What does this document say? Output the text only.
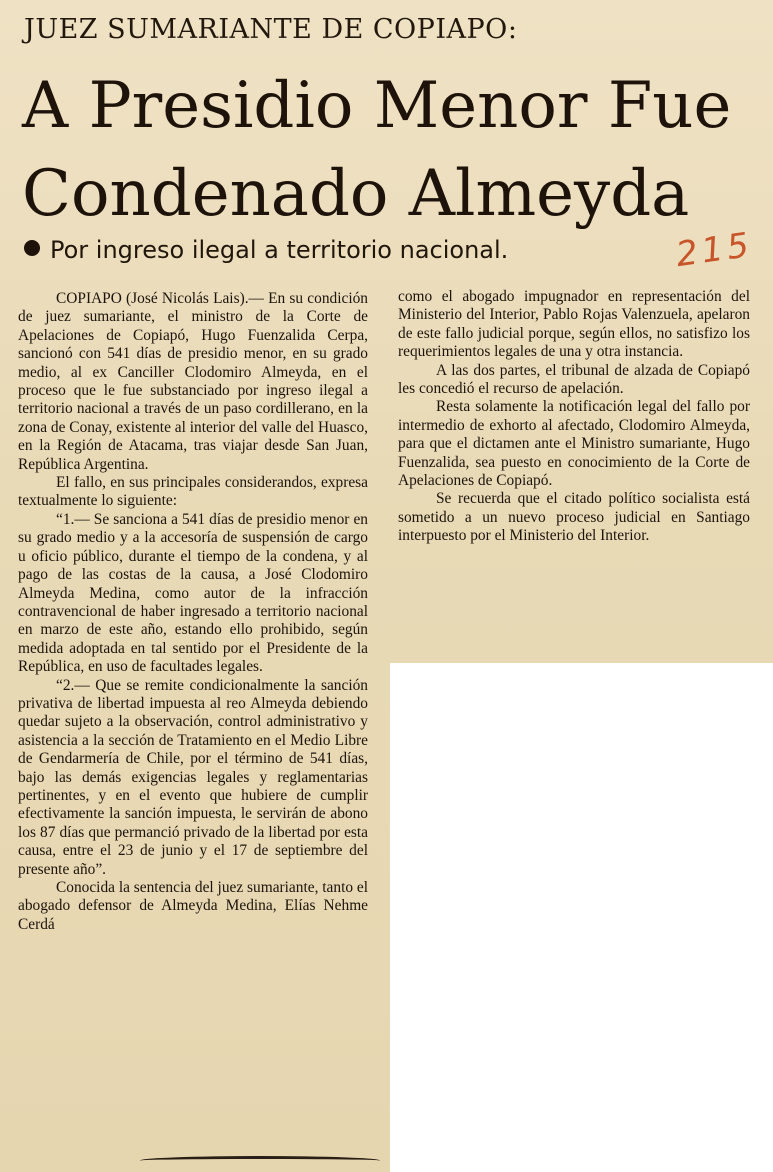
JUEZ SUMARIANTE DE COPIAPO:
A Presidio Menor Fue
Condenado Almeyda
Por ingreso ilegal a territorio nacional.	215

COPIAPO (José Nicolás Lais).— En su condición de juez sumariante, el ministro de la Corte de Apelaciones de Copiapó, Hugo Fuenzalida Cerpa, sancionó con 541 días de presidio menor, en su grado medio, al ex Canciller Clodomiro Almeyda, en el proceso que le fue substanciado por ingreso ilegal a territorio nacional a través de un paso cordillerano, en la zona de Conay, existente al interior del valle del Huasco, en la Región de Atacama, tras viajar desde San Juan, República Argentina.

El fallo, en sus principales considerandos, expresa textualmente lo siguiente:

“1.— Se sanciona a 541 días de presidio menor en su grado medio y a la accesoría de suspensión de cargo u oficio público, durante el tiempo de la condena, y al pago de las costas de la causa, a José Clodomiro Almeyda Medina, como autor de la infracción contravencional de haber ingresado a territorio nacional en marzo de este año, estando ello prohibido, según medida adoptada en tal sentido por el Presidente de la República, en uso de facultades legales.

“2.— Que se remite condicionalmente la sanción privativa de libertad impuesta al reo Almeyda debiendo quedar sujeto a la observación, control administrativo y asistencia a la sección de Tratamiento en el Medio Libre de Gendarmería de Chile, por el término de 541 días, bajo las demás exigencias legales y reglamentarias pertinentes, y en el evento que hubiere de cumplir efectivamente la sanción impuesta, le servirán de abono los 87 días que permanció privado de la libertad por esta causa, entre el 23 de junio y el 17 de septiembre del presente año”.

Conocida la sentencia del juez sumariante, tanto el abogado defensor de Almeyda Medina, Elías Nehme Cerdá

como el abogado impugnador en representación del Ministerio del Interior, Pablo Rojas Valenzuela, apelaron de este fallo judicial porque, según ellos, no satisfizo los requerimientos legales de una y otra instancia.

A las dos partes, el tribunal de alzada de Copiapó les concedió el recurso de apelación.

Resta solamente la notificación legal del fallo por intermedio de exhorto al afectado, Clodomiro Almeyda, para que el dictamen ante el Ministro sumariante, Hugo Fuenzalida, sea puesto en conocimiento de la Corte de Apelaciones de Copiapó.

Se recuerda que el citado político socialista está sometido a un nuevo proceso judicial en Santiago interpuesto por el Ministerio del Interior.
